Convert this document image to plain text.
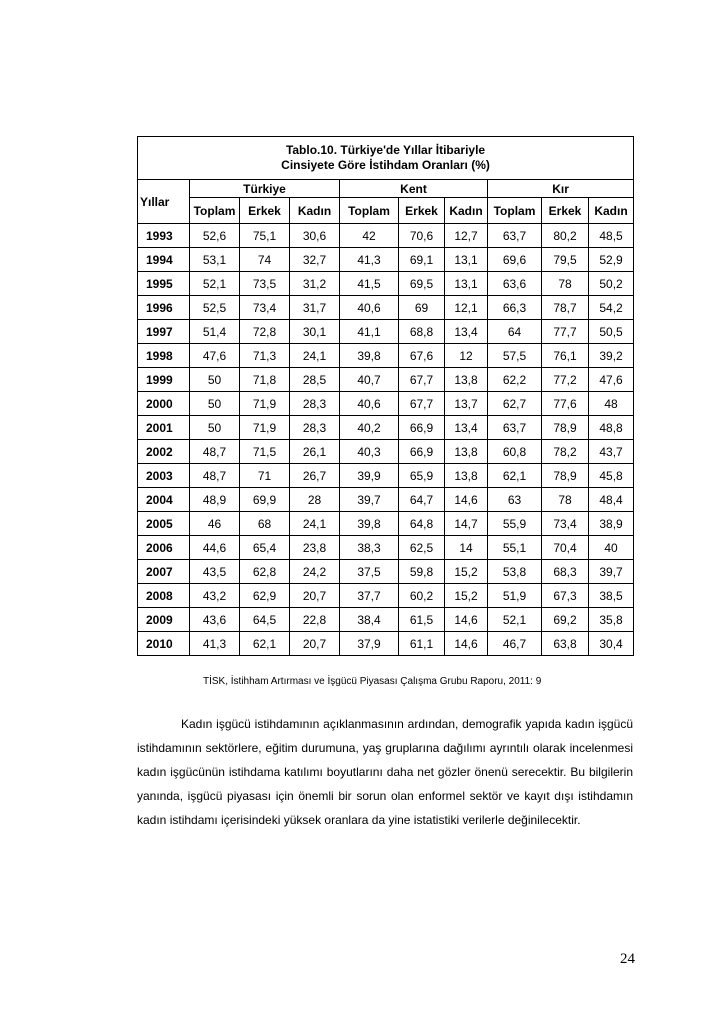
Tablo.10. Türkiye'de Yıllar İtibariyle
Cinsiyete Göre İstihdam Oranları (%)									

Yıllar	Türkiye			Kent			Kır		
	Toplam	Erkek	Kadın	Toplam	Erkek	Kadın	Toplam	Erkek	Kadın
1993	52,6	75,1	30,6	42	70,6	12,7	63,7	80,2	48,5
1994	53,1	74	32,7	41,3	69,1	13,1	69,6	79,5	52,9
1995	52,1	73,5	31,2	41,5	69,5	13,1	63,6	78	50,2
1996	52,5	73,4	31,7	40,6	69	12,1	66,3	78,7	54,2
1997	51,4	72,8	30,1	41,1	68,8	13,4	64	77,7	50,5
1998	47,6	71,3	24,1	39,8	67,6	12	57,5	76,1	39,2
1999	50	71,8	28,5	40,7	67,7	13,8	62,2	77,2	47,6
2000	50	71,9	28,3	40,6	67,7	13,7	62,7	77,6	48
2001	50	71,9	28,3	40,2	66,9	13,4	63,7	78,9	48,8
2002	48,7	71,5	26,1	40,3	66,9	13,8	60,8	78,2	43,7
2003	48,7	71	26,7	39,9	65,9	13,8	62,1	78,9	45,8
2004	48,9	69,9	28	39,7	64,7	14,6	63	78	48,4
2005	46	68	24,1	39,8	64,8	14,7	55,9	73,4	38,9
2006	44,6	65,4	23,8	38,3	62,5	14	55,1	70,4	40
2007	43,5	62,8	24,2	37,5	59,8	15,2	53,8	68,3	39,7
2008	43,2	62,9	20,7	37,7	60,2	15,2	51,9	67,3	38,5
2009	43,6	64,5	22,8	38,4	61,5	14,6	52,1	69,2	35,8
2010	41,3	62,1	20,7	37,9	61,1	14,6	46,7	63,8	30,4
TİSK, İstihham Artırması ve İşgücü Piyasası Çalışma Grubu Raporu, 2011: 9
Kadın işgücü istihdamının açıklanmasının ardından, demografik yapıda kadın işgücü istihdamının sektörlere, eğitim durumuna, yaş gruplarına dağılımı ayrıntılı olarak incelenmesi kadın işgücünün istihdama katılımı boyutlarını daha net gözler önenü serecektir. Bu bilgilerin yanında, işgücü piyasası için önemli bir sorun olan enformel sektör ve kayıt dışı istihdamın kadın istihdamı içerisindeki yüksek oranlara da yine istatistiki verilerle değinilecektir.
24
